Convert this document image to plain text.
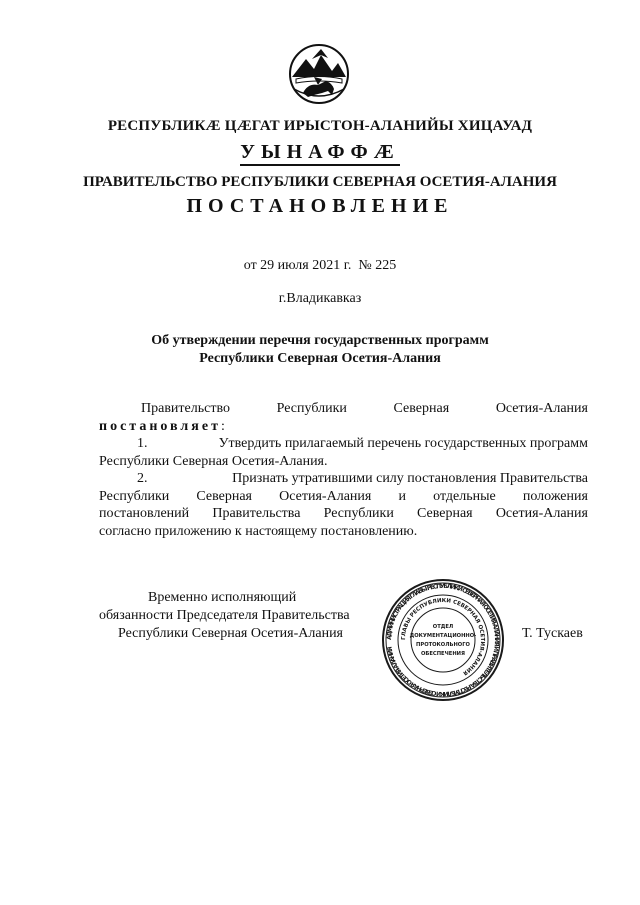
РЕСПУБЛИКӔ ЦӔГАТ ИРЫСТОН-АЛАНИЙЫ ХИЦАУАД
УЫНАФФӔ
ПРАВИТЕЛЬСТВО РЕСПУБЛИКИ СЕВЕРНАЯ ОСЕТИЯ-АЛАНИЯ
ПОСТАНОВЛЕНИЕ
от 29 июля 2021 г.  № 225
г.Владикавказ
Об утверждении перечня государственных программ
Республики Северная Осетия-Алания
Правительство	Республики	Северная	Осетия-Алания
постановляет:
1.	Утвердить прилагаемый перечень государственных программ
Республики Северная Осетия-Алания.
2.	Признать утратившими силу постановления Правительства
Республики Северная Осетия-Алания и отдельные положения
постановлений Правительства Республики Северная Осетия-Алания
согласно приложению к настоящему постановлению.
Временно исполняющий
обязанности Председателя Правительства
Республики Северная Осетия-Алания	Т. Тускаев
АДМИНИСТРАЦИЯ ГЛАВЫ РЕСПУБЛИКИ СЕВЕРНАЯ ОСЕТИЯ-АЛАНИЯ И ПРАВИТЕЛЬСТВА РЕСПУБЛИКИ СЕВЕРНАЯ ОСЕТИЯ-АЛАНИЯ
ГЛАВЫ РЕСПУБЛИКИ СЕВЕРНАЯ ОСЕТИЯ-АЛАНИЯ
ОТДЕЛ
ДОКУМЕНТАЦИОННО-
ПРОТОКОЛЬНОГО
ОБЕСПЕЧЕНИЯ
